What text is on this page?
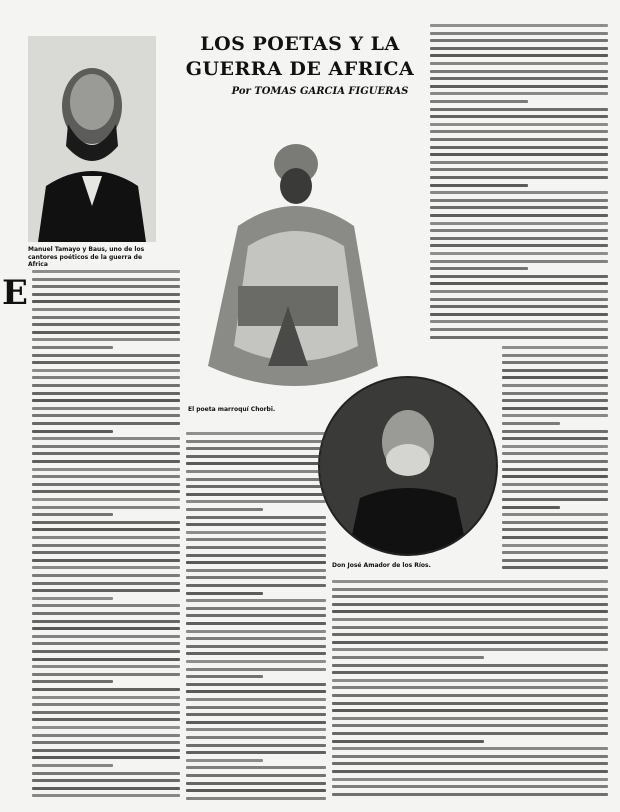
Manuel Tamayo y Baus, uno de los cantores poéticos de la guerra de Africa
LOS POETAS Y LA GUERRA DE AFRICA
Por TOMAS GARCIA FIGUERAS
El poeta marroquí Chorbi.
Don José Amador de los Ríos.
E
